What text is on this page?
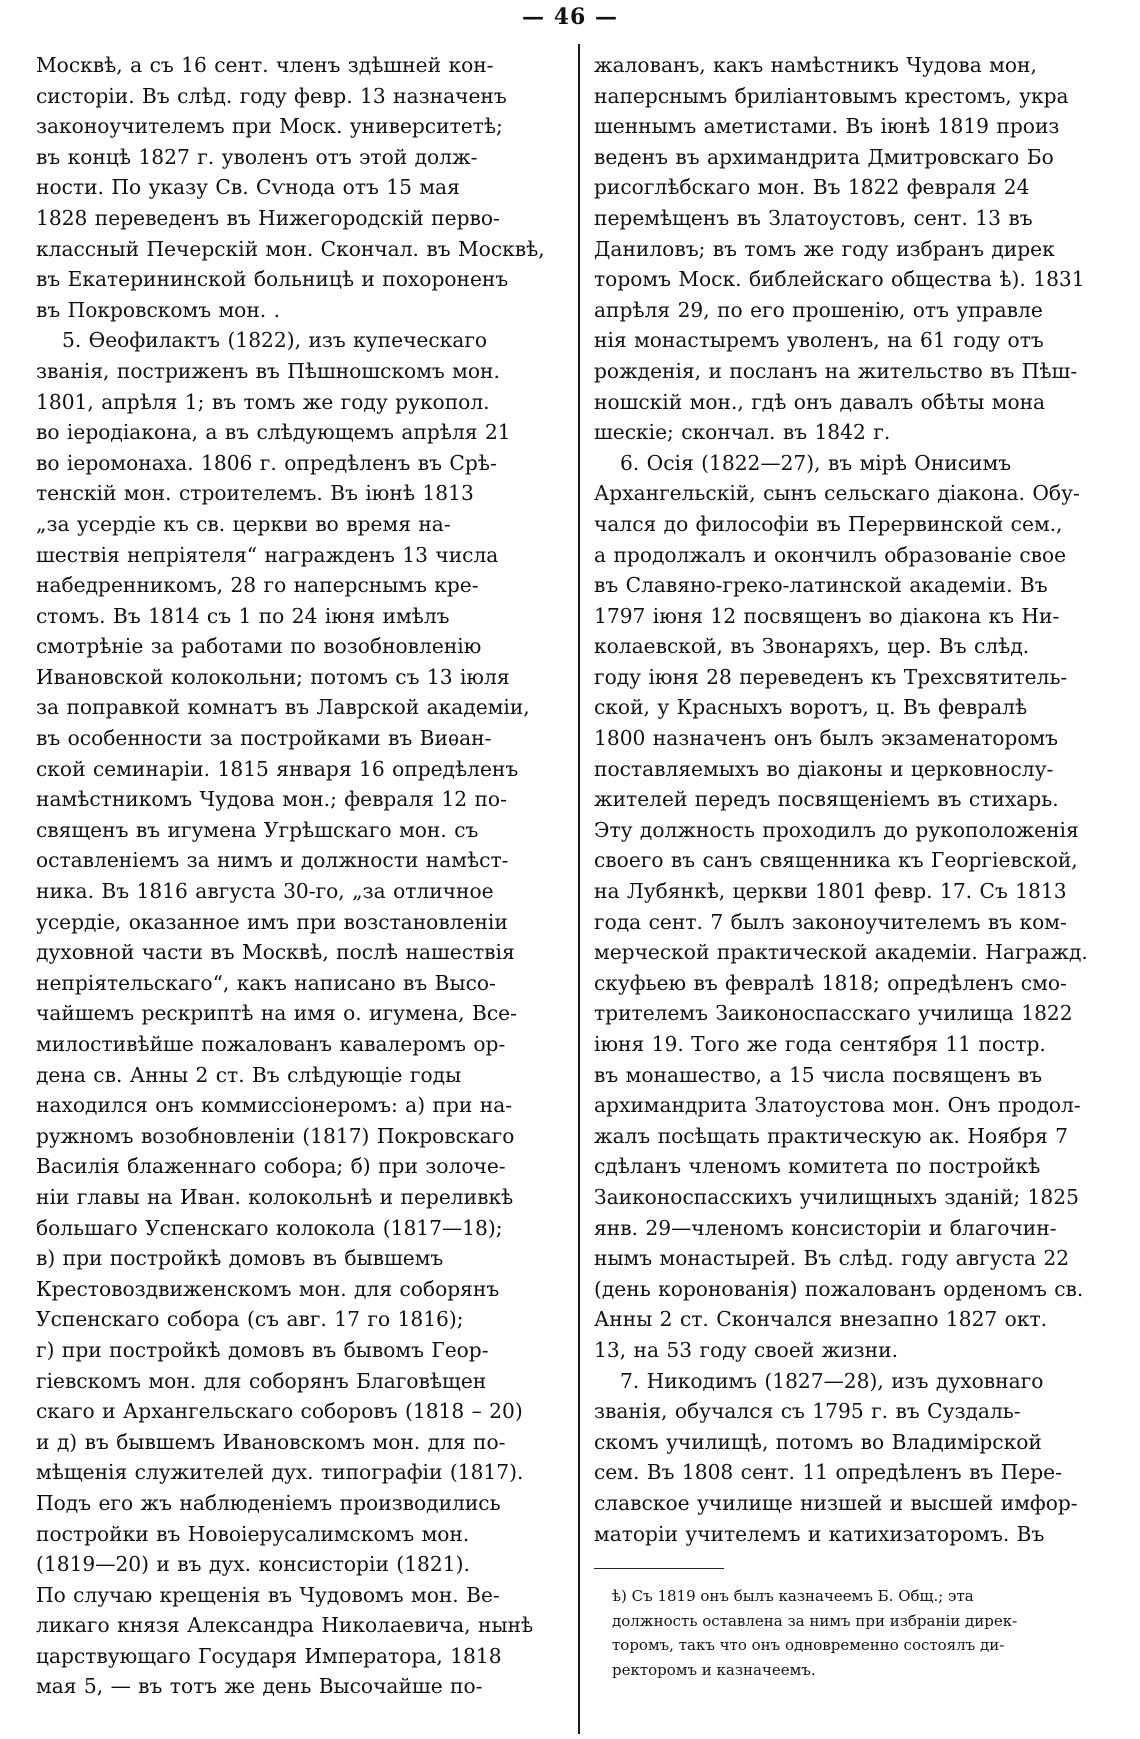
— 46 —
Москвѣ, а съ 16 сент. членъ здѣшней кон-
систорiи. Въ слѣд. году февр. 13 назначенъ
законоучителемъ при Моск. университетѣ;
въ концѣ 1827 г. уволенъ отъ этой долж-
ности. По указу Св. Сѵнода отъ 15 мая
1828 переведенъ въ Нижегородскiй перво-
классный Печерскiй мон. Скончал. въ Москвѣ,
въ Екатерининской больницѣ и похороненъ
въ Покровскомъ мон. .
5. Ѳеофилактъ (1822), изъ купеческаго
званiя, постриженъ въ Пѣшношскомъ мон.
1801, апрѣля 1; въ томъ же году рукопол.
во iеродiакона, а въ слѣдующемъ апрѣля 21
во iеромонаха. 1806 г. опредѣленъ въ Срѣ-
тенскiй мон. строителемъ. Въ iюнѣ 1813
„за усердiе къ св. церкви во время на-
шествiя непрiятеля“ награжденъ 13 числа
набедренникомъ, 28 го наперснымъ кре-
стомъ. Въ 1814 съ 1 по 24 iюня имѣлъ
смотрѣнiе за работами по возобновленiю
Ивановской колокольни; потомъ съ 13 iюля
за поправкой комнатъ въ Лаврской академiи,
въ особенности за постройками въ Виѳан-
ской семинарiи. 1815 января 16 опредѣленъ
намѣстникомъ Чудова мон.; февраля 12 по-
священъ въ игумена Угрѣшскаго мон. съ
оставленiемъ за нимъ и должности намѣст-
ника. Въ 1816 августа 30-го, „за отличное
усердiе, оказанное имъ при возстановленiи
духовной части въ Москвѣ, послѣ нашествiя
непрiятельскаго“, какъ написано въ Высо-
чайшемъ рескриптѣ на имя о. игумена, Все-
милостивѣйше пожалованъ кавалеромъ ор-
дена св. Анны 2 ст. Въ слѣдующiе годы
находился онъ коммиссiонеромъ: а) при на-
ружномъ возобновленiи (1817) Покровскаго
Василiя блаженнаго собора; б) при золоче-
нiи главы на Иван. колокольнѣ и переливкѣ
большаго Успенскаго колокола (1817—18);
в) при постройкѣ домовъ въ бывшемъ
Крестовоздвиженскомъ мон. для соборянъ
Успенскаго собора (съ авг. 17 го 1816);
г) при постройкѣ домовъ въ бывомъ Геор-
гiевскомъ мон. для соборянъ Благовѣщен
скаго и Архангельскаго соборовъ (1818 – 20)
и д) въ бывшемъ Ивановскомъ мон. для по-
мѣщенiя служителей дух. типографiи (1817).
Подъ его жъ наблюденiемъ производились
постройки въ Новоiерусалимскомъ мон.
(1819—20) и въ дух. консисторiи (1821).
По случаю крещенiя въ Чудовомъ мон. Ве-
ликаго князя Александра Николаевича, нынѣ
царствующаго Государя Императора, 1818
мая 5, — въ тотъ же день Высочайше по-
жалованъ, какъ намѣстникъ Чудова мон,
наперснымъ брилiантовымъ крестомъ, укра
шеннымъ аметистами. Въ iюнѣ 1819 произ
веденъ въ архимандрита Дмитровскаго Бо
рисоглѣбскаго мон. Въ 1822 февраля 24
перемѣщенъ въ Златоустовъ, сент. 13 въ
Даниловъ; въ томъ же году избранъ дирек
торомъ Моск. библейскаго общества ѣ). 1831
апрѣля 29, по его прошенiю, отъ управле
нiя монастыремъ уволенъ, на 61 году отъ
рожденiя, и посланъ на жительство въ Пѣш-
ношскiй мон., гдѣ онъ давалъ обѣты мона
шескiе; скончал. въ 1842 г.
6. Осiя (1822—27), въ мiрѣ Онисимъ
Архангельскiй, сынъ сельскаго дiакона. Обу-
чался до философiи въ Перервинской сем.,
а продолжалъ и окончилъ образованiе свое
въ Славяно-греко-латинской академiи. Въ
1797 iюня 12 посвященъ во дiакона къ Ни-
колаевской, въ Звонаряхъ, цер. Въ слѣд.
году iюня 28 переведенъ къ Трехсвятитель-
ской, у Красныхъ воротъ, ц. Въ февралѣ
1800 назначенъ онъ былъ экзаменаторомъ
поставляемыхъ во дiаконы и церковнослу-
жителей передъ посвященiемъ въ стихарь.
Эту должность проходилъ до рукоположенiя
своего въ санъ священника къ Георгiевской,
на Лубянкѣ, церкви 1801 февр. 17. Съ 1813
года сент. 7 былъ законоучителемъ въ ком-
мерческой практической академiи. Награжд.
скуфьею въ февралѣ 1818; опредѣленъ смо-
трителемъ Заиконоспасскаго училища 1822
iюня 19. Того же года сентября 11 постр.
въ монашество, а 15 числа посвященъ въ
архимандрита Златоустова мон. Онъ продол-
жалъ посѣщать практическую ак. Ноября 7
сдѣланъ членомъ комитета по постройкѣ
Заиконоспасскихъ училищныхъ зданiй; 1825
янв. 29—членомъ консисторiи и благочин-
нымъ монастырей. Въ слѣд. году августа 22
(день коронованiя) пожалованъ орденомъ св.
Анны 2 ст. Скончался внезапно 1827 окт.
13, на 53 году своей жизни.
7. Никодимъ (1827—28), изъ духовнаго
званiя, обучался съ 1795 г. въ Суздаль-
скомъ училищѣ, потомъ во Владимiрской
сем. Въ 1808 сент. 11 опредѣленъ въ Пере-
славское училище низшей и высшей имфор-
маторiи учителемъ и катихизаторомъ. Въ
ѣ) Съ 1819 онъ былъ казначеемъ Б. Общ.; эта
должность оставлена за нимъ при избранiи дирек-
торомъ, такъ что онъ одновременно состоялъ ди-
ректоромъ и казначеемъ.
